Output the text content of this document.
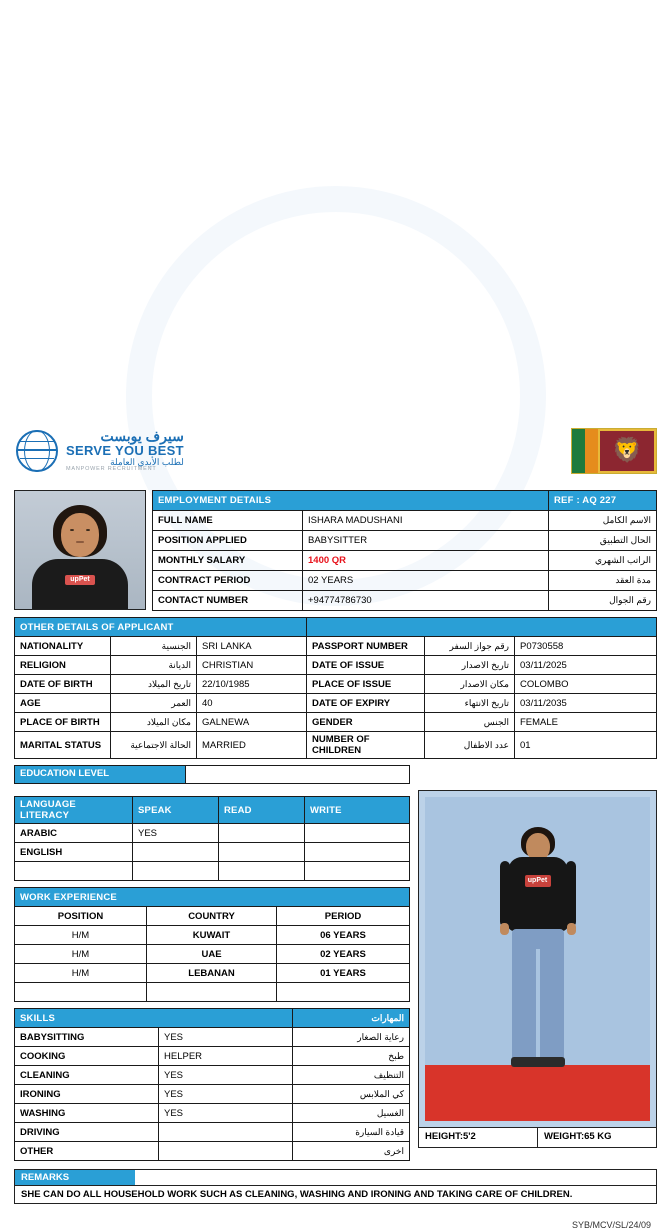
سيرف يوبست
SERVE YOU BEST
لطلب الأيدي العاملة
MANPOWER RECRUITMENT
🦁
upPet
EMPLOYMENT DETAILS		REF : AQ 227
FULL NAME	ISHARA MADUSHANI	الاسم الكامل
POSITION APPLIED	BABYSITTER	الحال التطبيق
MONTHLY SALARY	1400 QR	الراتب الشهري
CONTRACT PERIOD	02 YEARS	مدة العقد
CONTACT NUMBER	+94774786730	رقم الجوال
OTHER DETAILS OF APPLICANT					
NATIONALITY	الجنسية	SRI LANKA	PASSPORT NUMBER	رقم جواز السفر	P0730558
RELIGION	الديانة	CHRISTIAN	DATE OF ISSUE	تاريخ الاصدار	03/11/2025
DATE OF BIRTH	تاريخ الميلاد	22/10/1985	PLACE OF ISSUE	مكان الاصدار	COLOMBO
AGE	العمر	40	DATE OF EXPIRY	تاريخ الانتهاء	03/11/2035
PLACE OF BIRTH	مكان الميلاد	GALNEWA	GENDER	الجنس	FEMALE
MARITAL STATUS	الحالة الاجتماعية	MARRIED	NUMBER OF CHILDREN	عدد الاطفال	01
EDUCATION LEVEL
LANGUAGE LITERACY	SPEAK	READ	WRITE
ARABIC	YES		
ENGLISH			

WORK EXPERIENCE		
POSITION	COUNTRY	PERIOD
H/M	KUWAIT	06 YEARS
H/M	UAE	02 YEARS
H/M	LEBANAN	01 YEARS

SKILLS		المهارات
BABYSITTING	YES	رعاية الصغار
COOKING	HELPER	طبخ
CLEANING	YES	التنظيف
IRONING	YES	كي الملابس
WASHING	YES	الغسيل
DRIVING		قيادة السيارة
OTHER		اخرى
upPet
HEIGHT:5'2	WEIGHT:65 KG
REMARKS
SHE CAN DO ALL HOUSEHOLD WORK SUCH AS CLEANING, WASHING AND IRONING AND TAKING CARE OF CHILDREN.
SYB/MCV/SL/24/09
